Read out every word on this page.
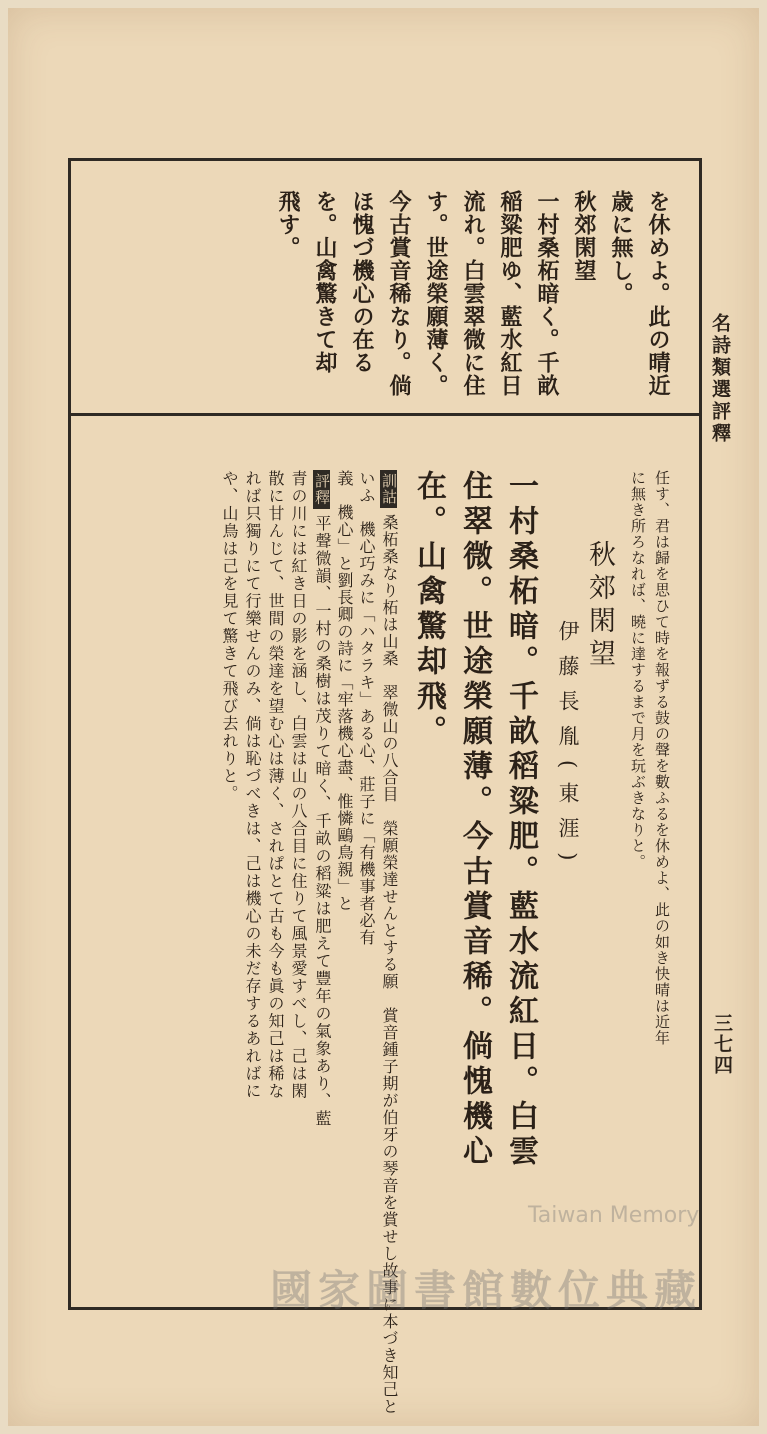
名詩類選評釋
三七四
を休めよ。此の晴近
歳に無し。
秋郊閑望
一村桑柘暗く。千畝
稲粱肥ゆ、藍水紅日
流れ。白雲翠微に住
す。世途榮願薄く。
今古賞音稀なり。倘
ほ愧づ機心の在る
を。山禽驚きて却
飛す。
任す、君は歸を思ひて時を報ずる鼓の聲を數ふるを休めよ、此の如き快晴は近年
に無き所ろなれば、曉に達するまで月を玩ぶきなりと。
秋郊閑望
伊藤長胤(東涯)
一村桑柘暗。千畝稻粱肥。藍水流紅日。白雲
住翠微。世途榮願薄。今古賞音稀。倘愧機心
在。山禽驚却飛。
訓詁桑柘桑なり柘は山桑　翠微山の八合目　榮願榮達せんとする願　賞音鍾子期が伯牙の琴音を賞せし故事に本づき知己と
いふ　機心巧みに「ハタラキ」ある心、莊子に「有機事者必有
義　機心」と劉長卿の詩に「牢落機心盡、惟憐鷗鳥親」と
評釋平聲微韻、一村の桑樹は茂りて暗く、千畝の稻粱は肥えて豐年の氣象あり、藍
青の川には紅き日の影を涵し、白雲は山の八合目に住りて風景愛すべし、己は閑
散に甘んじて、世間の榮達を望む心は薄く、されぱとて古も今も眞の知己は稀な
れば只獨りにて行樂せんのみ、倘は恥づべきは、己は機心の未だ存するあればに
や、山鳥は己を見て驚きて飛び去れりと。
Taiwan Memory
國家圖書館數位典藏
